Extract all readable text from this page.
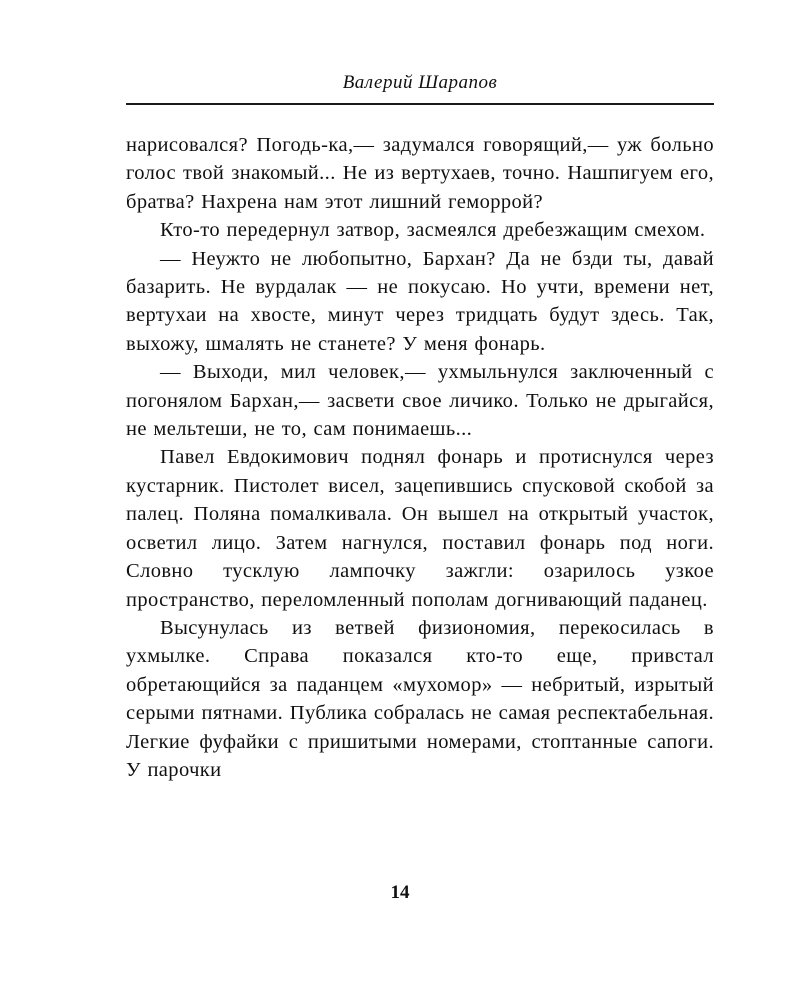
Валерий Шарапов

нарисовался? Погодь-ка,— задумался говорящий,— уж больно голос твой знакомый... Не из вертухаев, точно. Нашпигуем его, братва? Нахрена нам этот лишний геморрой?

Кто-то передернул затвор, засмеялся дребезжащим смехом.

— Неужто не любопытно, Бархан? Да не бзди ты, давай базарить. Не вурдалак — не покусаю. Но учти, времени нет, вертухаи на хвосте, минут через тридцать будут здесь. Так, выхожу, шмалять не станете? У меня фонарь.

— Выходи, мил человек,— ухмыльнулся заключенный с погонялом Бархан,— засвети свое личико. Только не дрыгайся, не мельтеши, не то, сам понимаешь...

Павел Евдокимович поднял фонарь и протиснулся через кустарник. Пистолет висел, зацепившись спусковой скобой за палец. Поляна помалкивала. Он вышел на открытый участок, осветил лицо. Затем нагнулся, поставил фонарь под ноги. Словно тусклую лампочку зажгли: озарилось узкое пространство, переломленный пополам догнивающий паданец.

Высунулась из ветвей физиономия, перекосилась в ухмылке. Справа показался кто-то еще, привстал обретающийся за паданцем «мухомор» — небритый, изрытый серыми пятнами. Публика собралась не самая респектабельная. Легкие фуфайки с пришитыми номерами, стоптанные сапоги. У парочки

14
